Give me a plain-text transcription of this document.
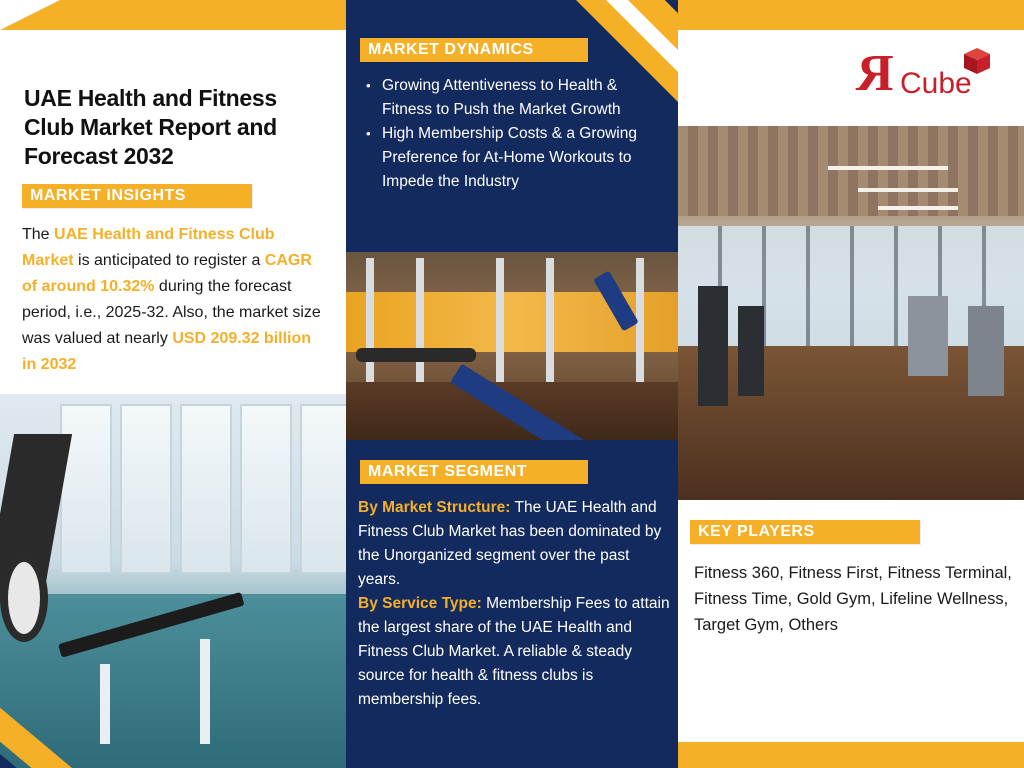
UAE Health and Fitness Club Market Report and Forecast 2032
MARKET INSIGHTS

The UAE Health and Fitness Club Market is anticipated to register a CAGR of around 10.32% during the forecast period, i.e., 2025-32. Also, the market size was valued at nearly USD 209.32 billion in 2032

MARKET DYNAMICS
• Growing Attentiveness to Health & Fitness to Push the Market Growth
• High Membership Costs & a Growing Preference for At-Home Workouts to Impede the Industry
MARKET SEGMENT
By Market Structure: The UAE Health and Fitness Club Market has been dominated by the Unorganized segment over the past years.
By Service Type: Membership Fees to attain the largest share of the UAE Health and Fitness Club Market. A reliable & steady source for health & fitness clubs is membership fees.
R Cube
KEY PLAYERS

Fitness 360, Fitness First, Fitness Terminal, Fitness Time, Gold Gym, Lifeline Wellness, Target Gym, Others
